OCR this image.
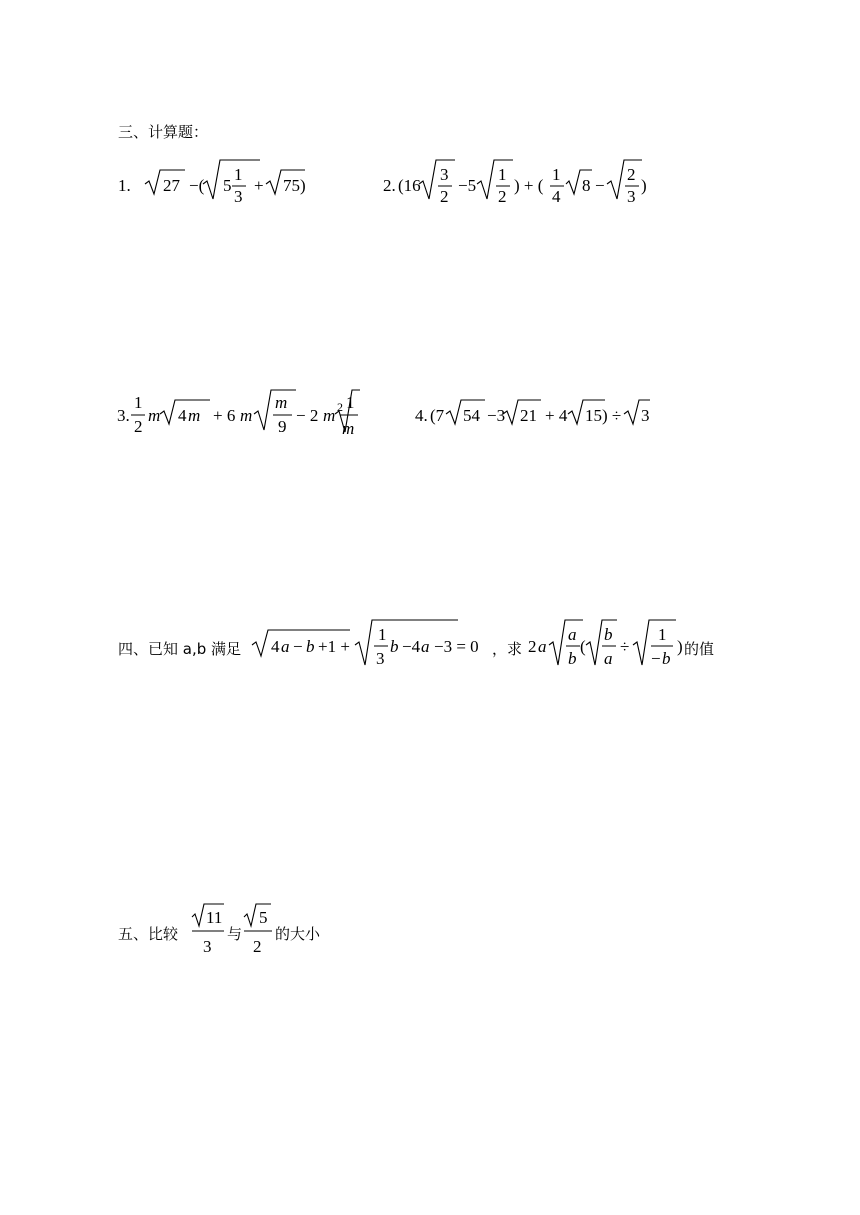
三、计算题：
1. 27 −( 5
1
3
+ 75)	2. (16
3
2
−5
1
2
) + (
1
4
8 −
2
3
)
3.
1
2
m 4 m + 6 m
m
9
− 2 m 2 1
m
4. (7 54 −3 21 + 4 15) ÷ 3
四、已知 a,b 满足 4 a − b +1 +
1
3
b −4 a −3 = 0 ，求 2 a
a
b
(
b
a
÷
1
− b
) 的值
五、比较
11
3
与
5
2
的大小
